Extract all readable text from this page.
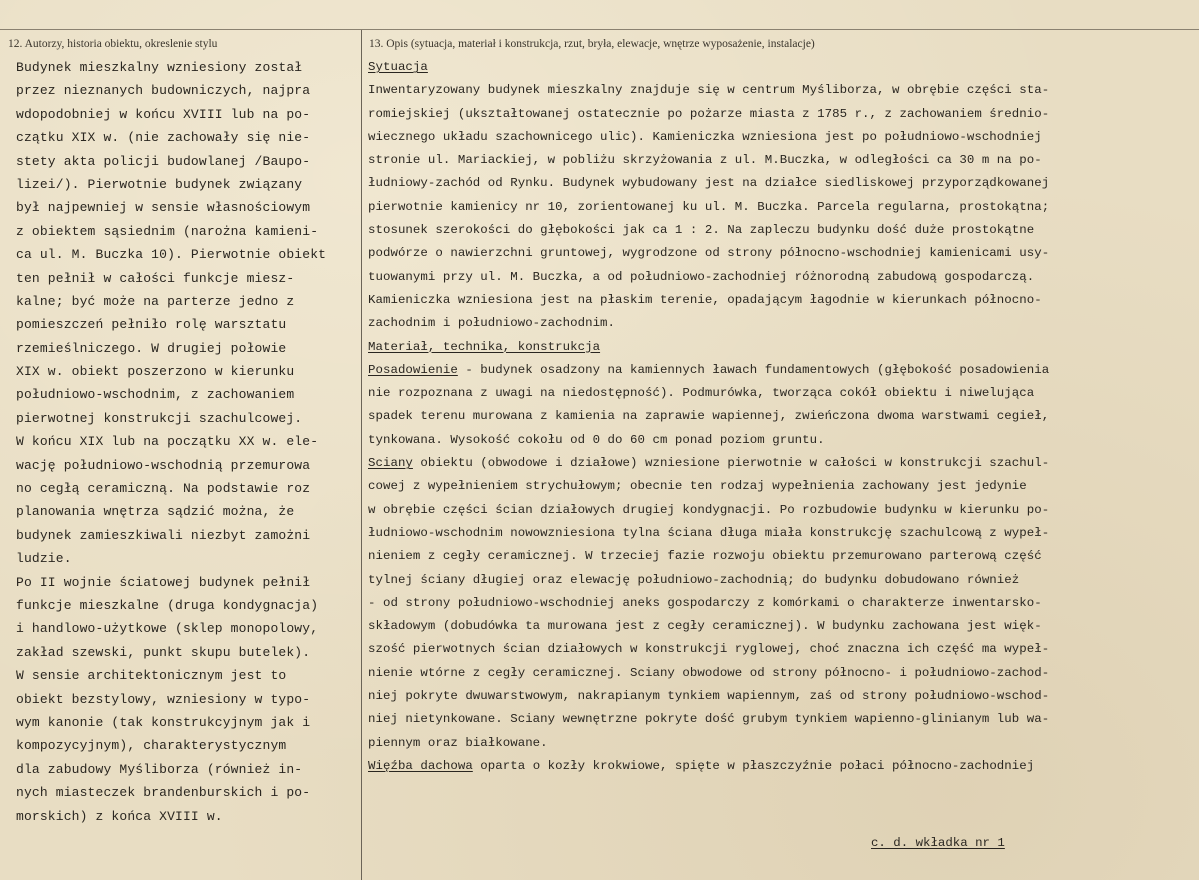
12. Autorzy, historia obiektu, okreslenie stylu	13. Opis (sytuacja, materiał i konstrukcja, rzut, bryła, elewacje, wnętrze wyposażenie, instalacje)
Budynek mieszkalny wzniesiony został
przez nieznanych budowniczych, najpra
wdopodobniej w końcu XVIII lub na po-
czątku XIX w. (nie zachowały się nie-
stety akta policji budowlanej /Baupo-
lizei/). Pierwotnie budynek związany
był najpewniej w sensie własnościowym
z obiektem sąsiednim (narożna kamieni-
ca ul. M. Buczka 10). Pierwotnie obiekt
ten pełnił w całości funkcje miesz-
kalne; być może na parterze jedno z
pomieszczeń pełniło rolę warsztatu
rzemieślniczego. W drugiej połowie
XIX w. obiekt poszerzono w kierunku
południowo-wschodnim, z zachowaniem
pierwotnej konstrukcji szachulcowej.
W końcu XIX lub na początku XX w. ele-
wację południowo-wschodnią przemurowa
no cegłą ceramiczną. Na podstawie roz
planowania wnętrza sądzić można, że
budynek zamieszkiwali niezbyt zamożni
ludzie.
Po II wojnie ściatowej budynek pełnił
funkcje mieszkalne (druga kondygnacja)
i handlowo-użytkowe (sklep monopolowy,
zakład szewski, punkt skupu butelek).
W sensie architektonicznym jest to
obiekt bezstylowy, wzniesiony w typo-
wym kanonie (tak konstrukcyjnym jak i
kompozycyjnym), charakterystycznym
dla zabudowy Myśliborza (również in-
nych miasteczek brandenburskich i po-
morskich) z końca XVIII w.
Sytuacja
Inwentaryzowany budynek mieszkalny znajduje się w centrum Myśliborza, w obrębie części sta-
romiejskiej (ukształtowanej ostatecznie po pożarze miasta z 1785 r., z zachowaniem średnio-
wiecznego układu szachownicego ulic). Kamieniczka wzniesiona jest po południowo-wschodniej
stronie ul. Mariackiej, w pobliżu skrzyżowania z ul. M.Buczka, w odległości ca 30 m na po-
łudniowy-zachód od Rynku. Budynek wybudowany jest na działce siedliskowej przyporządkowanej
pierwotnie kamienicy nr 10, zorientowanej ku ul. M. Buczka. Parcela regularna, prostokątna;
stosunek szerokości do głębokości jak ca 1 : 2. Na zapleczu budynku dość duże prostokątne
podwórze o nawierzchni gruntowej, wygrodzone od strony północno-wschodniej kamienicami usy-
tuowanymi przy ul. M. Buczka, a od południowo-zachodniej różnorodną zabudową gospodarczą.
Kamieniczka wzniesiona jest na płaskim terenie, opadającym łagodnie w kierunkach północno-
zachodnim i południowo-zachodnim.
Materiał, technika, konstrukcja
Posadowienie - budynek osadzony na kamiennych ławach fundamentowych (głębokość posadowienia
nie rozpoznana z uwagi na niedostępność). Podmurówka, tworząca cokół obiektu i niwelująca
spadek terenu murowana z kamienia na zaprawie wapiennej, zwieńczona dwoma warstwami cegieł,
tynkowana. Wysokość cokołu od 0 do 60 cm ponad poziom gruntu.
Sciany obiektu (obwodowe i działowe) wzniesione pierwotnie w całości w konstrukcji szachul-
cowej z wypełnieniem strychułowym; obecnie ten rodzaj wypełnienia zachowany jest jedynie
w obrębie części ścian działowych drugiej kondygnacji. Po rozbudowie budynku w kierunku po-
łudniowo-wschodnim nowowzniesiona tylna ściana długa miała konstrukcję szachulcową z wypeł-
nieniem z cegły ceramicznej. W trzeciej fazie rozwoju obiektu przemurowano parterową część
tylnej ściany długiej oraz elewację południowo-zachodnią; do budynku dobudowano również
- od strony południowo-wschodniej aneks gospodarczy z komórkami o charakterze inwentarsko-
składowym (dobudówka ta murowana jest z cegły ceramicznej). W budynku zachowana jest więk-
szość pierwotnych ścian działowych w konstrukcji ryglowej, choć znaczna ich część ma wypeł-
nienie wtórne z cegły ceramicznej. Sciany obwodowe od strony północno- i południowo-zachod-
niej pokryte dwuwarstwowym, nakrapianym tynkiem wapiennym, zaś od strony południowo-wschod-
niej nietynkowane. Sciany wewnętrzne pokryte dość grubym tynkiem wapienno-glinianym lub wa-
piennym oraz białkowane.
Więźba dachowa oparta o kozły krokwiowe, spięte w płaszczyźnie połaci północno-zachodniej
c. d. wkładka nr 1
